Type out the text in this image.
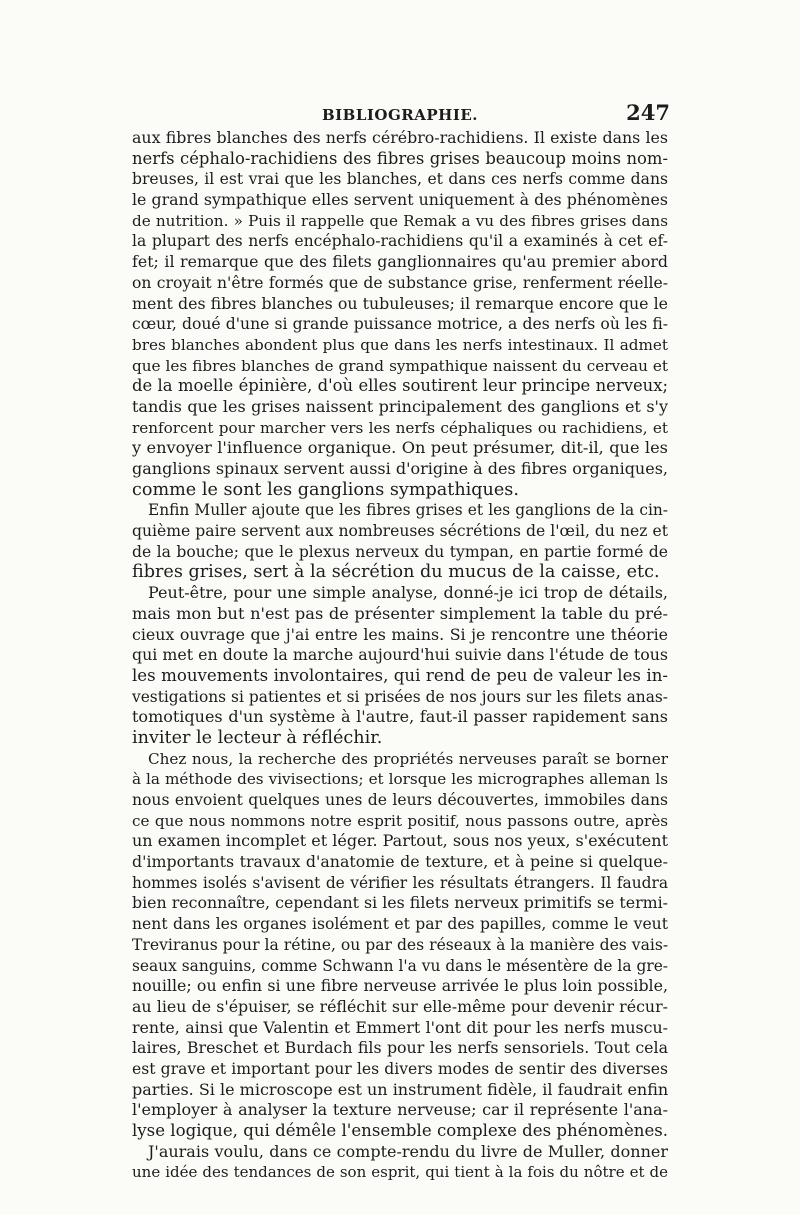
BIBLIOGRAPHIE.	247
aux fibres blanches des nerfs cérébro-rachidiens. Il existe dans les
nerfs céphalo-rachidiens des fibres grises beaucoup moins nom-
breuses, il est vrai que les blanches, et dans ces nerfs comme dans
le grand sympathique elles servent uniquement à des phénomènes
de nutrition. » Puis il rappelle que Remak a vu des fibres grises dans
la plupart des nerfs encéphalo-rachidiens qu'il a examinés à cet ef-
fet; il remarque que des filets ganglionnaires qu'au premier abord
on croyait n'être formés que de substance grise, renferment réelle-
ment des fibres blanches ou tubuleuses; il remarque encore que le
cœur, doué d'une si grande puissance motrice, a des nerfs où les fi-
bres blanches abondent plus que dans les nerfs intestinaux. Il admet
que les fibres blanches de grand sympathique naissent du cerveau et
de la moelle épinière, d'où elles soutirent leur principe nerveux;
tandis que les grises naissent principalement des ganglions et s'y
renforcent pour marcher vers les nerfs céphaliques ou rachidiens, et
y envoyer l'influence organique. On peut présumer, dit-il, que les
ganglions spinaux servent aussi d'origine à des fibres organiques,
comme le sont les ganglions sympathiques.
Enfin Muller ajoute que les fibres grises et les ganglions de la cin-
quième paire servent aux nombreuses sécrétions de l'œil, du nez et
de la bouche; que le plexus nerveux du tympan, en partie formé de
fibres grises, sert à la sécrétion du mucus de la caisse, etc.
Peut-être, pour une simple analyse, donné-je ici trop de détails,
mais mon but n'est pas de présenter simplement la table du pré-
cieux ouvrage que j'ai entre les mains. Si je rencontre une théorie
qui met en doute la marche aujourd'hui suivie dans l'étude de tous
les mouvements involontaires, qui rend de peu de valeur les in-
vestigations si patientes et si prisées de nos jours sur les filets anas-
tomotiques d'un système à l'autre, faut-il passer rapidement sans
inviter le lecteur à réfléchir.
Chez nous, la recherche des propriétés nerveuses paraît se borner
à la méthode des vivisections; et lorsque les micrographes alleman ls
nous envoient quelques unes de leurs découvertes, immobiles dans
ce que nous nommons notre esprit positif, nous passons outre, après
un examen incomplet et léger. Partout, sous nos yeux, s'exécutent
d'importants travaux d'anatomie de texture, et à peine si quelque-
hommes isolés s'avisent de vérifier les résultats étrangers. Il faudra
bien reconnaître, cependant si les filets nerveux primitifs se termi-
nent dans les organes isolément et par des papilles, comme le veut
Treviranus pour la rétine, ou par des réseaux à la manière des vais-
seaux sanguins, comme Schwann l'a vu dans le mésentère de la gre-
nouille; ou enfin si une fibre nerveuse arrivée le plus loin possible,
au lieu de s'épuiser, se réfléchit sur elle-même pour devenir récur-
rente, ainsi que Valentin et Emmert l'ont dit pour les nerfs muscu-
laires, Breschet et Burdach fils pour les nerfs sensoriels. Tout cela
est grave et important pour les divers modes de sentir des diverses
parties. Si le microscope est un instrument fidèle, il faudrait enfin
l'employer à analyser la texture nerveuse; car il représente l'ana-
lyse logique, qui démêle l'ensemble complexe des phénomènes.
J'aurais voulu, dans ce compte-rendu du livre de Muller, donner
une idée des tendances de son esprit, qui tient à la fois du nôtre et de
